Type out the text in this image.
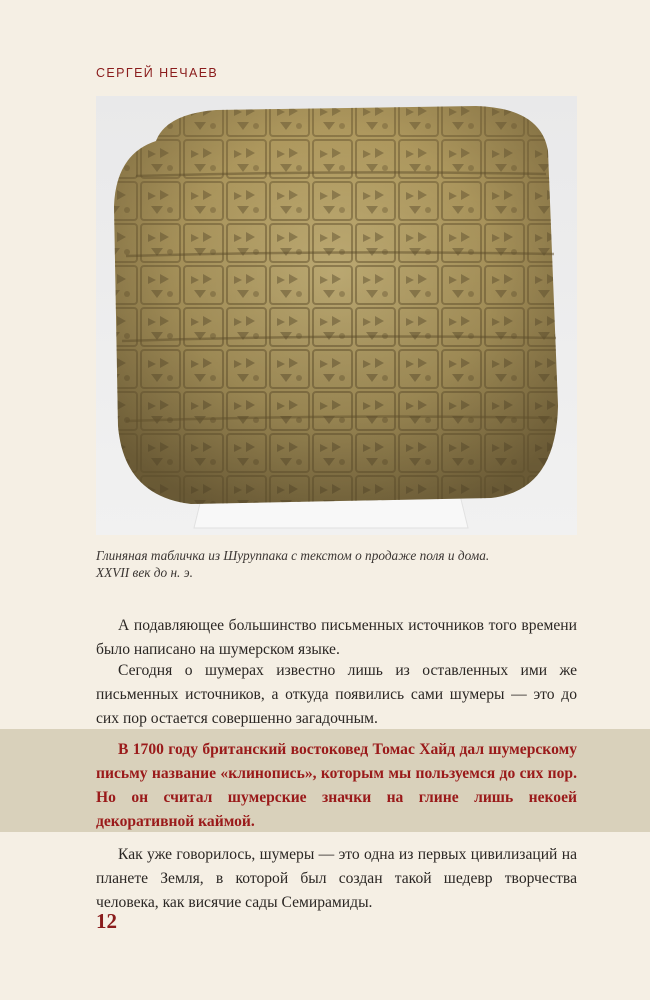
СЕРГЕЙ НЕЧАЕВ
Глиняная табличка из Шуруппака с текстом о продаже поля и дома.
XXVII век до н. э.

А подавляющее большинство письменных источников того времени было написано на шумерском языке.

Сегодня о шумерах известно лишь из оставленных ими же письменных источников, а откуда появились сами шумеры — это до сих пор остается совершенно загадочным.

В 1700 году британский востоковед Томас Хайд дал шумерскому письму название «клинопись», которым мы пользуемся до сих пор. Но он считал шумерские значки на глине лишь некоей декоративной каймой.

Как уже говорилось, шумеры — это одна из первых цивилизаций на планете Земля, в которой был создан такой шедевр творчества человека, как висячие сады Семирамиды.

12
